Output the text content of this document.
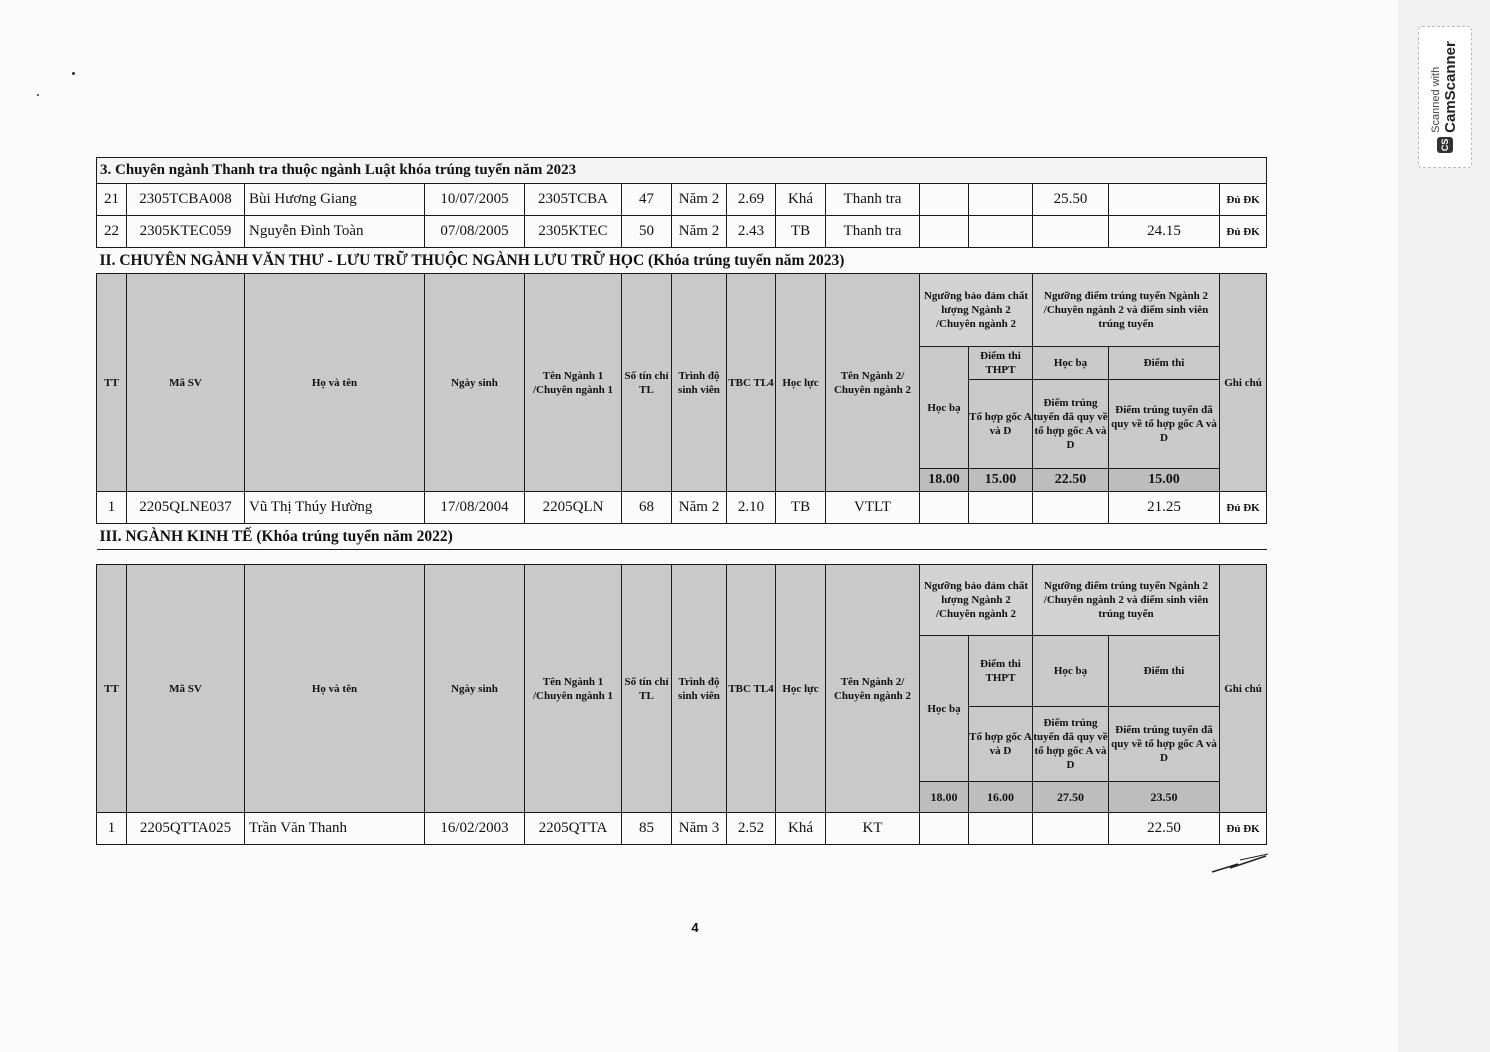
CS
Scanned with CamScanner
3. Chuyên ngành Thanh tra thuộc ngành Luật khóa trúng tuyển năm 2023														
21	2305TCBA008	Bùi Hương Giang	10/07/2005	2305TCBA	47	Năm 2	2.69	Khá	Thanh tra			25.50		Đủ ĐK
22	2305KTEC059	Nguyễn Đình Toàn	07/08/2005	2305KTEC	50	Năm 2	2.43	TB	Thanh tra				24.15	Đủ ĐK
II. CHUYÊN NGÀNH VĂN THƯ - LƯU TRỮ THUỘC NGÀNH LƯU TRỮ HỌC (Khóa trúng tuyển năm 2023)														
TT	Mã SV	Họ và tên	Ngày sinh	Tên Ngành 1 /Chuyên ngành 1	Số tín chỉ TL	Trình độ sinh viên	TBC TL4	Học lực	Tên Ngành 2/ Chuyên ngành 2	Ngưỡng bảo đảm chất lượng Ngành 2 /Chuyên ngành 2		Ngưỡng điểm trúng tuyển Ngành 2 /Chuyên ngành 2 và điểm sinh viên trúng tuyển		Ghi chú
										Học bạ	Điểm thi THPT	Học bạ	Điểm thi	
											Tổ hợp gốc A và D			
												Điểm trúng tuyển đã quy về tổ hợp gốc A và D	Điểm trúng tuyển đã quy về tổ hợp gốc A và D	
										18.00	15.00	22.50	15.00	
1	2205QLNE037	Vũ Thị Thúy Hường	17/08/2004	2205QLN	68	Năm 2	2.10	TB	VTLT				21.25	Đủ ĐK
III. NGÀNH KINH TẾ (Khóa trúng tuyển năm 2022)														

TT	Mã SV	Họ và tên	Ngày sinh	Tên Ngành 1 /Chuyên ngành 1	Số tín chỉ TL	Trình độ sinh viên	TBC TL4	Học lực	Tên Ngành 2/ Chuyên ngành 2	Ngưỡng bảo đảm chất lượng Ngành 2 /Chuyên ngành 2		Ngưỡng điểm trúng tuyển Ngành 2 /Chuyên ngành 2 và điểm sinh viên trúng tuyển		Ghi chú
										Học bạ	Điểm thi THPT	Học bạ	Điểm thi	
											Tổ hợp gốc A và D			
												Điểm trúng tuyển đã quy về tổ hợp gốc A và D	Điểm trúng tuyển đã quy về tổ hợp gốc A và D	
										18.00	16.00	27.50	23.50	
1	2205QTTA025	Trần Văn Thanh	16/02/2003	2205QTTA	85	Năm 3	2.52	Khá	KT				22.50	Đủ ĐK
4
